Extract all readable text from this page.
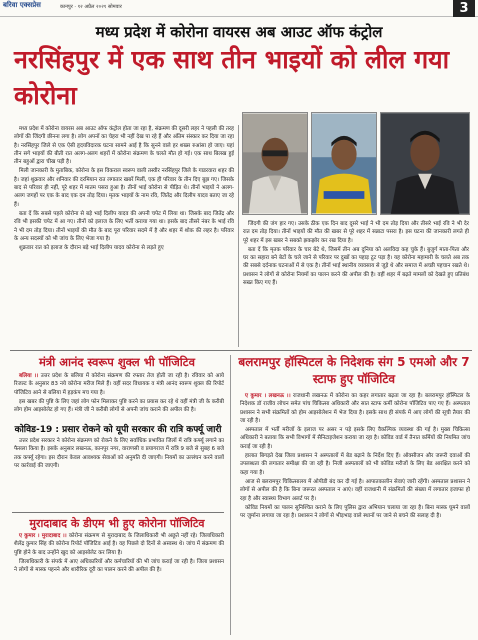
बरिवा एक्सप्रेस	कानपुर · १२ अप्रैल २०२१ सोमवार	3
मध्य प्रदेश में कोरोना वायरस अब आउट ऑफ कंट्रोल
नरसिंहपुर में एक साथ तीन भाइयों को लील गया कोरोना

मध्य प्रदेश में कोरोना वायरस अब आउट ऑफ कंट्रोल होता जा रहा है, संक्रमण की दूसरी लहर ने पहली की तरह लोगों की जिंदगी छीनना लगा है। लोग अपनों का चेहरा भी नहीं देख पा रहे हैं और अंतिम संस्कार कर दिया जा रहा है। नरसिंहपुर जिले से एक ऐसी हृदयविदारक घटना सामने आई है कि सुनने वाले हर शख्स रुआंसा हो जाए। यहां तीन सगे भाइयों की बीती रात अलग-अलग शहरों में कोरोना संक्रमण के चलते मौत हो गई। एक साथ बिलख हुई तीन बहुओं द्वारा चीख पड़ी है।

मिली जानकारी के मुताबिक, कोरोना के इस विकराल स्वरूप वाली तस्वीर नरसिंहपुर जिले के गाडरवारा शहर की है। जहां शुक्रवार और शनिवार की दरमियान रात लगातार खबरें मिलीं, एक ही परिवार के तीन दिए बुझ गए। जिसके बाद से परिवार ही नहीं, पूरे शहर में मातम पसरा हुआ है। तीनों भाई कोरोना से पीड़ित थे। तीनों भाइयों ने अलग-अलग जगहों पर एक के बाद एक दम तोड़ दिया। मृतक भाइयों के नाम रवि, जितेंद्र और दिलीप यादव बताए जा रहे हैं।

बता दें कि सबसे पहले कोरोना से बड़े भाई दिलीप यादव की अपनी चपेट में लिया था। जिसके बाद जितेंद्र और रवि भी इसकी चपेट में आ गए। तीनों को इलाज के लिए भर्ती कराया गया था। इसके बाद तीसरे नंबर के भाई रवि ने भी दम तोड़ दिया। तीनों भाइयों की मौत के बाद पूरा परिवार सदमे में है और शहर में शोक की लहर है। परिवार के अन्य सदस्यों को भी जांच के लिए भेजा गया है।

शुक्रवार रात को इलाज के दौरान बड़े भाई दिलीप यादव कोरोना से लड़ते हुए

जिंदगी की जंग हार गए। उसके ठीक एक दिन बाद दूसरे भाई ने भी दम तोड़ दिया और तीसरे भाई रवि ने भी देर रात दम तोड़ दिया। तीनों भाइयों की मौत की खबर से पूरे शहर में सन्नाटा पसरा है। इस घटना की जानकारी लगते ही पूरे शहर में इस खबर ने सबको झकझोर कर रख दिया है।

बता दें कि मृतक परिवार के चार बेटे थे, जिसमें तीन अब दुनिया को अलविदा कह चुके हैं। बुजुर्ग माता-पिता और घर का सहारा बने बेटों के चले जाने से परिवार पर दुखों का पहाड़ टूट पड़ा है। यह कोरोना महामारी के चलते अब तक की सबसे दर्दनाक घटनाओं में से एक है। तीनों भाई स्थानीय व्यवसाय से जुड़े थे और समाज में अच्छी पहचान रखते थे। प्रशासन ने लोगों से कोरोना नियमों का पालन करने की अपील की है। वहीं शहर में बढ़ते मामलों को देखते हुए प्रतिबंध सख्त किए गए हैं।

मंत्री आनंद स्वरूप शुक्ल भी पॉजिटिव

बलिया ।। उत्तर प्रदेश के बलिया में कोरोना संक्रमण की रफ्तार तेज होती जा रही है। रविवार को आये रिजल्ट के अनुसार 83 नये कोरोना मरीज मिले हैं। वहीं सदर विधायक व मंत्री आनंद स्वरूप शुक्ल की रिपोर्ट पॉजिटिव आने से बलिया में हड़कंप मच गया है।

इस खबर की पुष्टि के लिए जहां लोग फोन मिलाकर पुष्टि करने का प्रयास कर रहे थे वहीं मंत्री जी के करीबी लोग होम आइसोलेट हो गए हैं। मंत्री जी ने करीबी लोगों से अपनी जांच कराने की अपील की है।

कोविड-19 : प्रसार रोकने को यूपी सरकार की रात्रि कर्फ्यू जारी

उत्तर प्रदेश सरकार ने कोरोना संक्रमण को रोकने के लिए सर्वाधिक प्रभावित जिलों में रात्रि कर्फ्यू लगाने का फैसला किया है। इसके अनुसार लखनऊ, कानपुर नगर, वाराणसी व प्रयागराज में रात्रि 9 बजे से सुबह 6 बजे तक कर्फ्यू रहेगा। इस दौरान केवल आवश्यक सेवाओं को अनुमति दी जाएगी। नियमों का उल्लंघन करने वालों पर कार्रवाई की जाएगी।

मुरादाबाद के डीएम भी हुए कोरोना पॉजिटिव

ए कुमार । मुरादाबाद ।। कोरोना संक्रमण से मुरादाबाद के जिलाधिकारी भी अछूते नहीं रहे। जिलाधिकारी शैलेंद्र कुमार सिंह की कोरोना रिपोर्ट पॉजिटिव आई है। वह पिछले दो दिनों से अस्वस्थ थे। जांच में संक्रमण की पुष्टि होने के बाद उन्होंने खुद को आइसोलेट कर लिया है।

जिलाधिकारी के संपर्क में आए अधिकारियों और कर्मचारियों की भी जांच कराई जा रही है। जिला प्रशासन ने लोगों से मास्क पहनने और शारीरिक दूरी का पालन करने की अपील की है।

बलरामपुर हॉस्पिटल के निदेशक संग 5 एमओ और 7 स्टाफ हुए पॉजिटिव

ए कुमार । लखनऊ ।। राजधानी लखनऊ में कोरोना का कहर लगातार बढ़ता जा रहा है। बलरामपुर हॉस्पिटल के निदेशक डॉ राजीव लोचन समेत पांच चिकित्सा अधिकारी और सात स्टाफ कर्मी कोरोना पॉजिटिव पाए गए हैं। अस्पताल प्रशासन ने सभी संक्रमितों को होम आइसोलेशन में भेज दिया है। इसके साथ ही संपर्क में आए लोगों की सूची तैयार की जा रही है।

अस्पताल में भर्ती मरीजों के इलाज पर असर न पड़े इसके लिए वैकल्पिक व्यवस्था की गई है। मुख्य चिकित्सा अधिकारी ने बताया कि सभी विभागों में सैनिटाइजेशन कराया जा रहा है। कोविड वार्ड में तैनात कर्मियों की नियमित जांच कराई जा रही है।

हालात बिगड़ते देख जिला प्रशासन ने अस्पतालों में बेड बढ़ाने के निर्देश दिए हैं। ऑक्सीजन और जरूरी दवाओं की उपलब्धता की लगातार समीक्षा की जा रही है। निजी अस्पतालों को भी कोविड मरीजों के लिए बेड आरक्षित करने को कहा गया है।

आज से बलरामपुर चिकित्सालय में ओपीडी बंद कर दी गई है। आपातकालीन सेवाएं जारी रहेंगी। अस्पताल प्रशासन ने लोगों से अपील की है कि बिना जरूरत अस्पताल न आएं। वहीं राजधानी में संक्रमितों की संख्या में लगातार इजाफा हो रहा है और स्वास्थ्य विभाग अलर्ट पर है।

कोविड नियमों का पालन सुनिश्चित कराने के लिए पुलिस द्वारा अभियान चलाया जा रहा है। बिना मास्क घूमने वालों पर जुर्माना लगाया जा रहा है। प्रशासन ने लोगों से भीड़भाड़ वाले स्थानों पर जाने से बचने की सलाह दी है।
